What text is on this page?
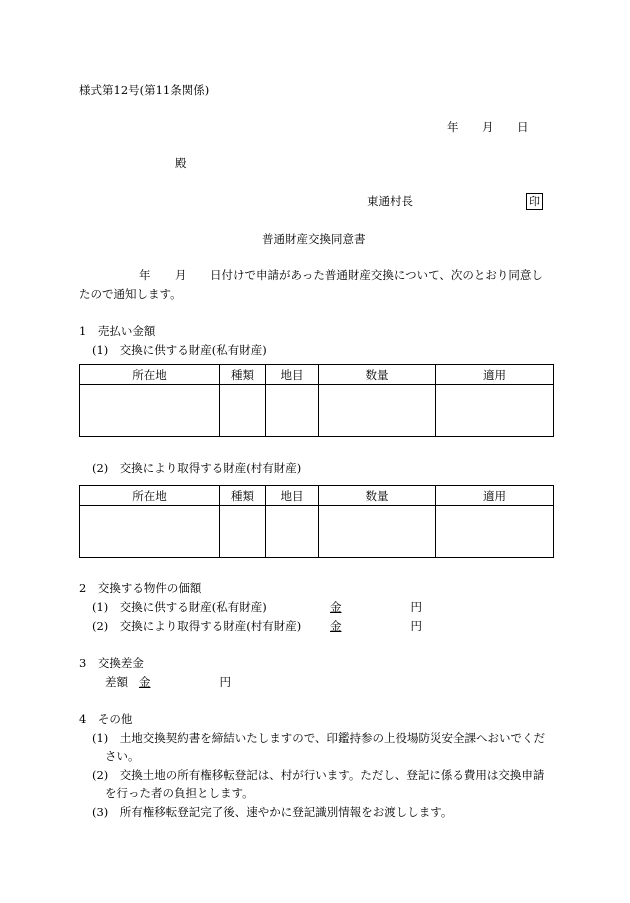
様式第12号(第11条関係)
年 月 日
殿
東通村長	印
普通財産交換同意書
年 月 日付けで申請があった普通財産交換について、次のとおり同意し
たので通知します。
1　売払い金額
(1)　交換に供する財産(私有財産)
所在地	種類	地目	数量	適用

(2)　交換により取得する財産(村有財産)
所在地	種類	地目	数量	適用

2　交換する物件の価額
(1)　交換に供する財産(私有財産)	金	円
(2)　交換により取得する財産(村有財産) 金	円
3　交換差金
差額 金	円
4　その他
(1)　土地交換契約書を締結いたしますので、印鑑持参の上役場防災安全課へおいでくだ
さい。
(2)　交換土地の所有権移転登記は、村が行います。ただし、登記に係る費用は交換申請
を行った者の負担とします。
(3)　所有権移転登記完了後、速やかに登記識別情報をお渡しします。
